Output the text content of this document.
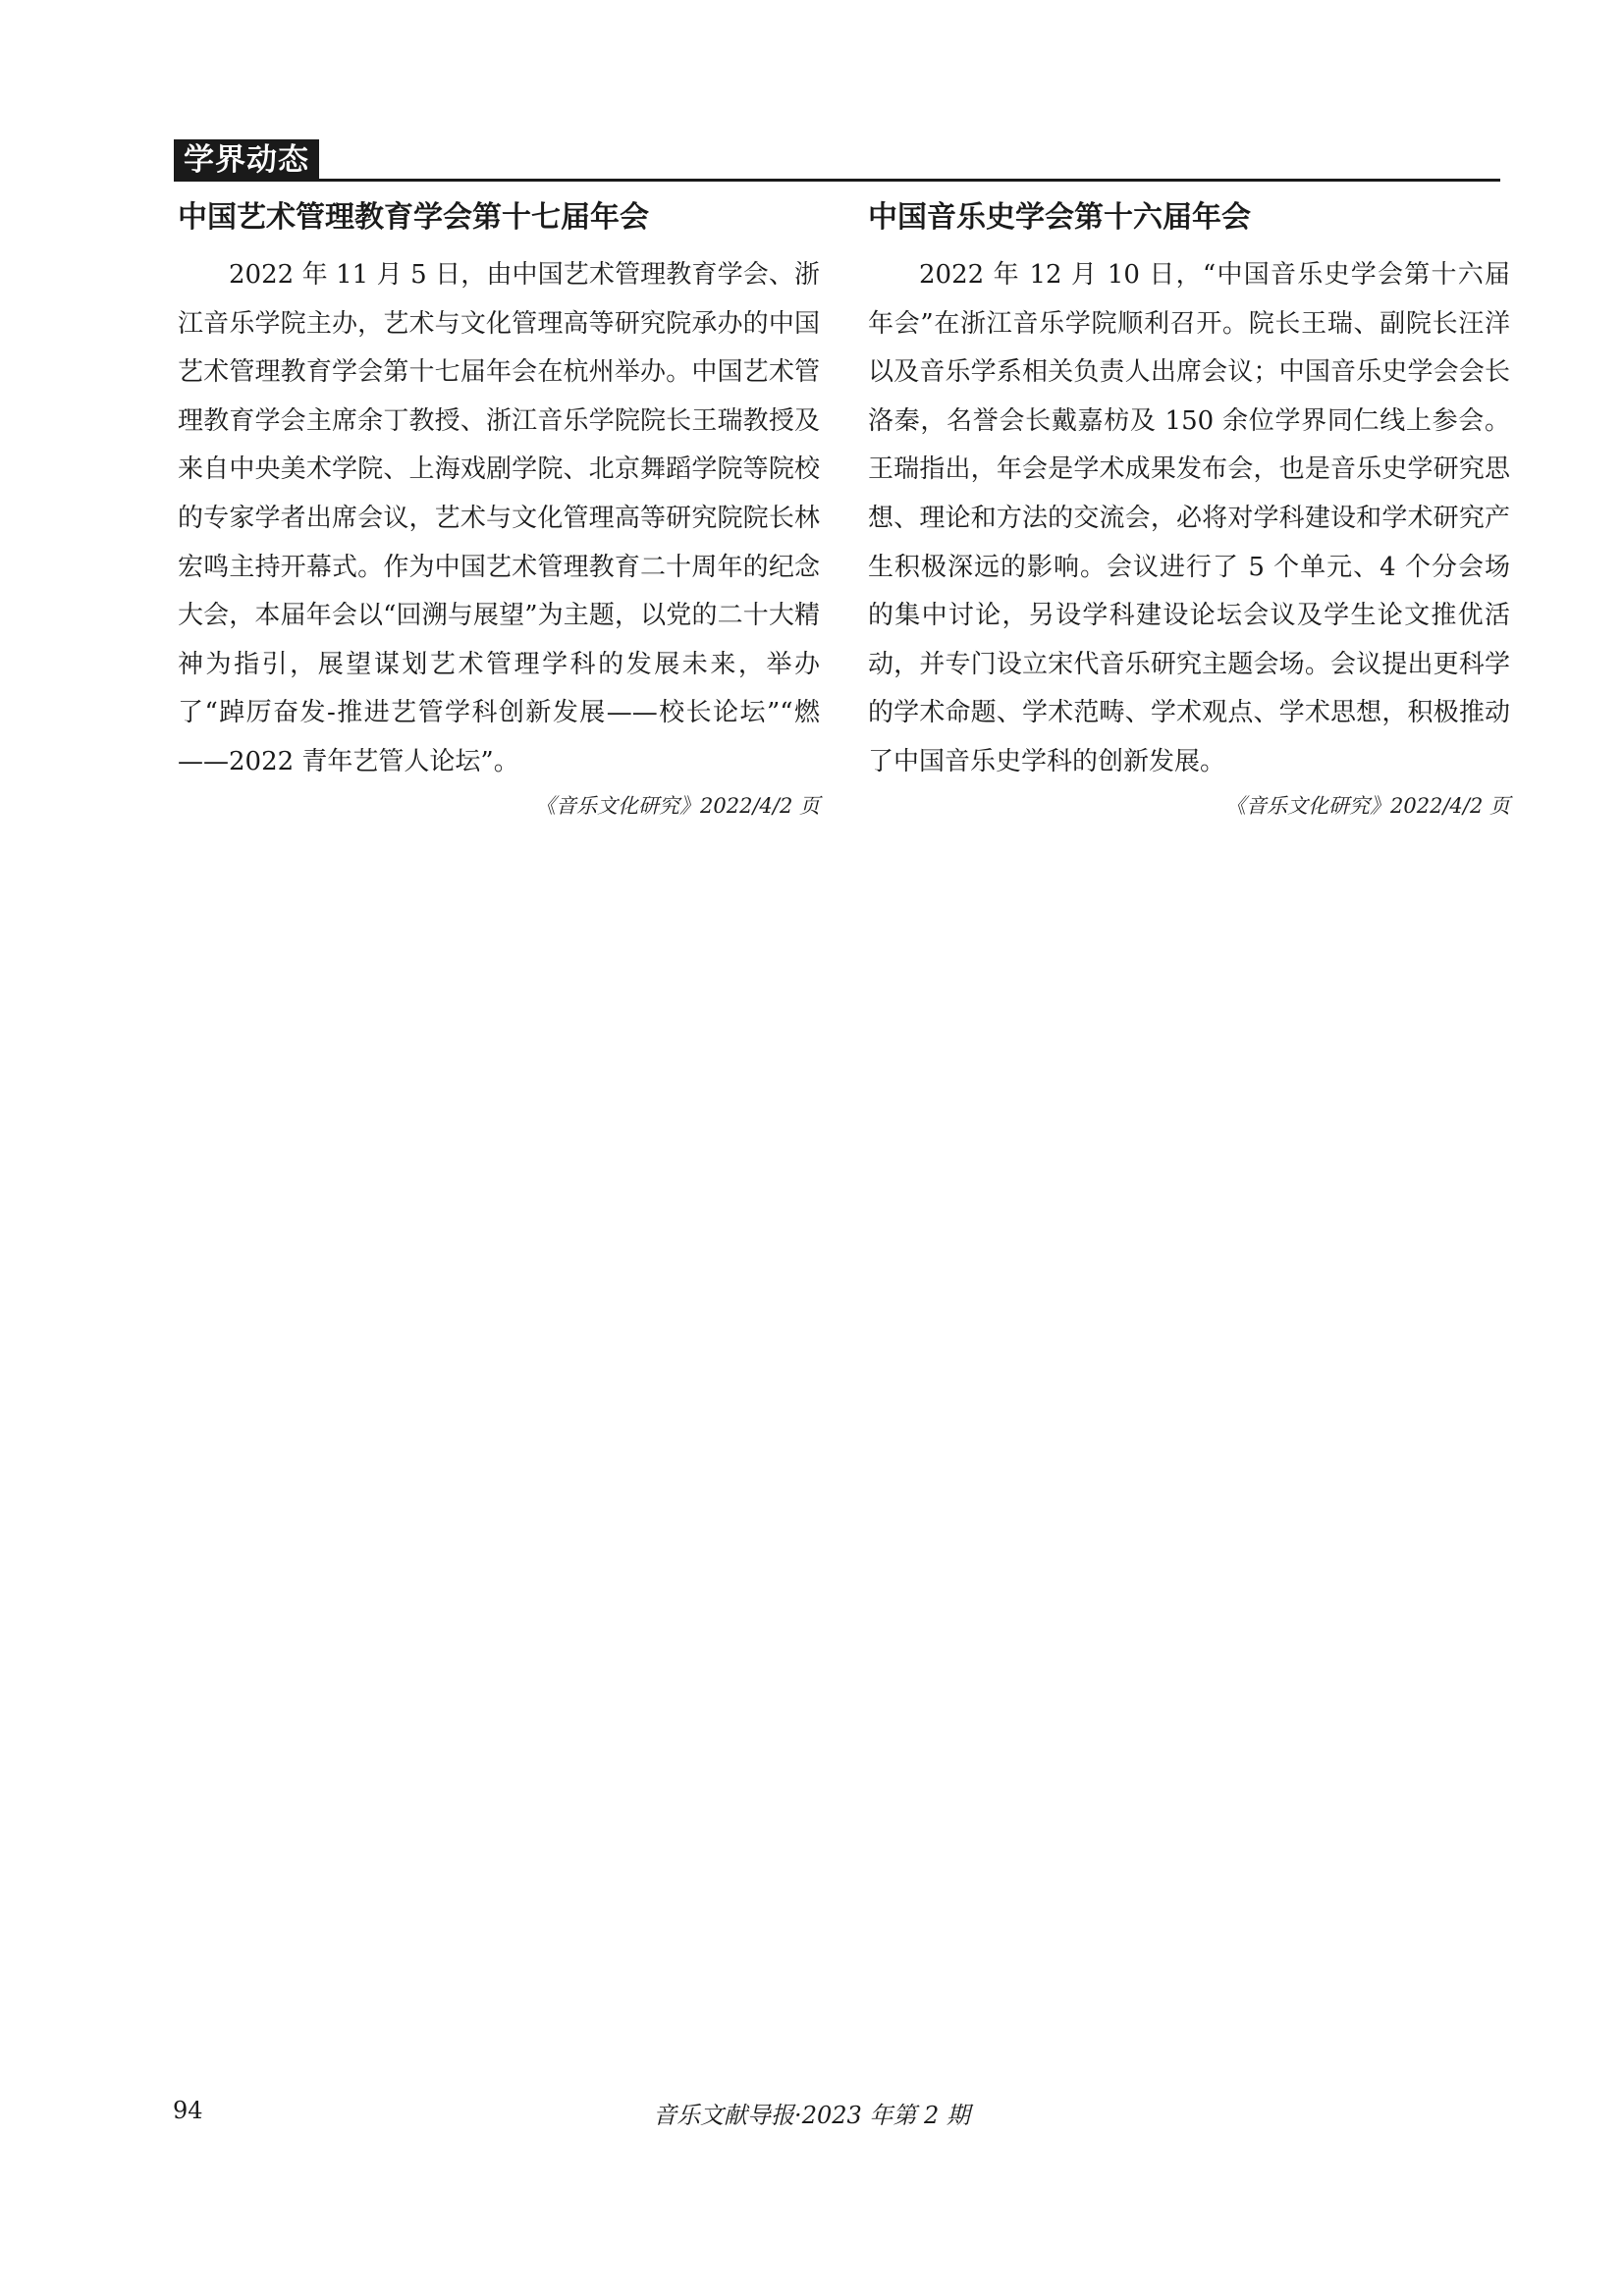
学界动态
中国艺术管理教育学会第十七届年会

2022 年 11 月 5 日，由中国艺术管理教育学会、浙江音乐学院主办，艺术与文化管理高等研究院承办的中国艺术管理教育学会第十七届年会在杭州举办。中国艺术管理教育学会主席余丁教授、浙江音乐学院院长王瑞教授及来自中央美术学院、上海戏剧学院、北京舞蹈学院等院校的专家学者出席会议，艺术与文化管理高等研究院院长林宏鸣主持开幕式。作为中国艺术管理教育二十周年的纪念大会，本届年会以“回溯与展望”为主题，以党的二十大精神为指引，展望谋划艺术管理学科的发展未来，举办了“踔厉奋发-推进艺管学科创新发展——校长论坛”“燃——2022 青年艺管人论坛”。

《音乐文化研究》2022/4/2 页
中国音乐史学会第十六届年会

2022 年 12 月 10 日，“中国音乐史学会第十六届年会”在浙江音乐学院顺利召开。院长王瑞、副院长汪洋以及音乐学系相关负责人出席会议；中国音乐史学会会长洛秦，名誉会长戴嘉枋及 150 余位学界同仁线上参会。王瑞指出，年会是学术成果发布会，也是音乐史学研究思想、理论和方法的交流会，必将对学科建设和学术研究产生积极深远的影响。会议进行了 5 个单元、4 个分会场的集中讨论，另设学科建设论坛会议及学生论文推优活动，并专门设立宋代音乐研究主题会场。会议提出更科学的学术命题、学术范畴、学术观点、学术思想，积极推动了中国音乐史学科的创新发展。

《音乐文化研究》2022/4/2 页
94	音乐文献导报·2023 年第 2 期
